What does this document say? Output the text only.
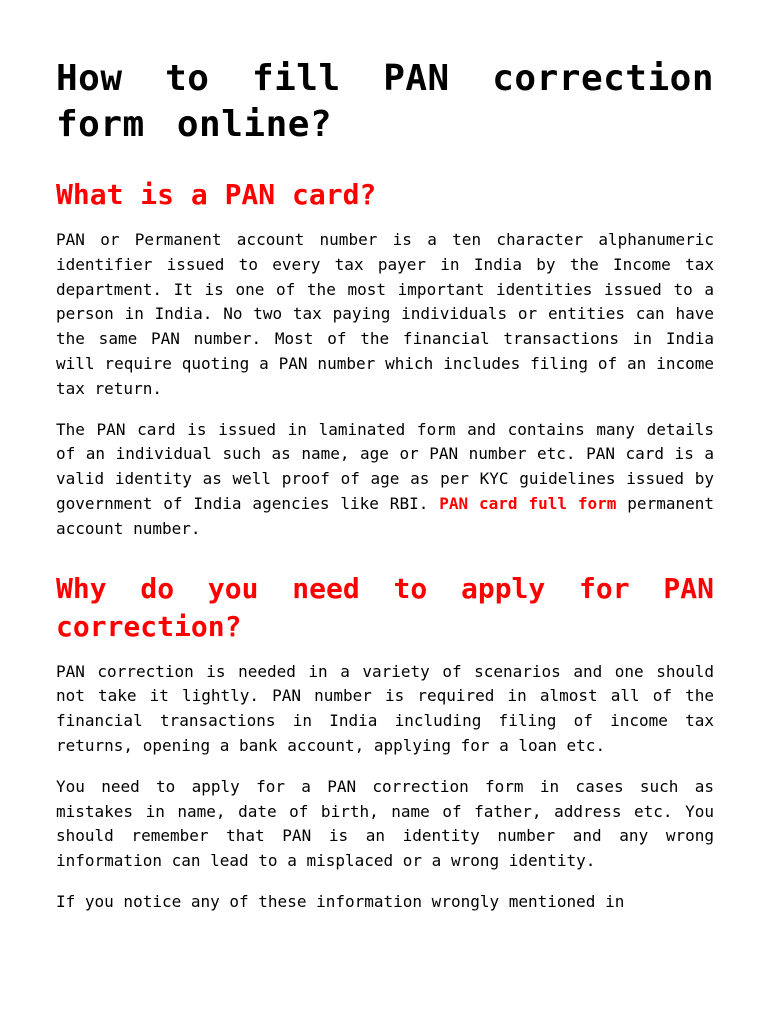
How to fill PAN correction form online?
What is a PAN card?

PAN or Permanent account number is a ten character alphanumeric identifier issued to every tax payer in India by the Income tax department. It is one of the most important identities issued to a person in India. No two tax paying individuals or entities can have the same PAN number. Most of the financial transactions in India will require quoting a PAN number which includes filing of an income tax return.

The PAN card is issued in laminated form and contains many details of an individual such as name, age or PAN number etc. PAN card is a valid identity as well proof of age as per KYC guidelines issued by government of India agencies like RBI. PAN card full form permanent account number.

Why do you need to apply for PAN correction?

PAN correction is needed in a variety of scenarios and one should not take it lightly. PAN number is required in almost all of the financial transactions in India including filing of income tax returns, opening a bank account, applying for a loan etc.

You need to apply for a PAN correction form in cases such as mistakes in name, date of birth, name of father, address etc. You should remember that PAN is an identity number and any wrong information can lead to a misplaced or a wrong identity.

If you notice any of these information wrongly mentioned in
